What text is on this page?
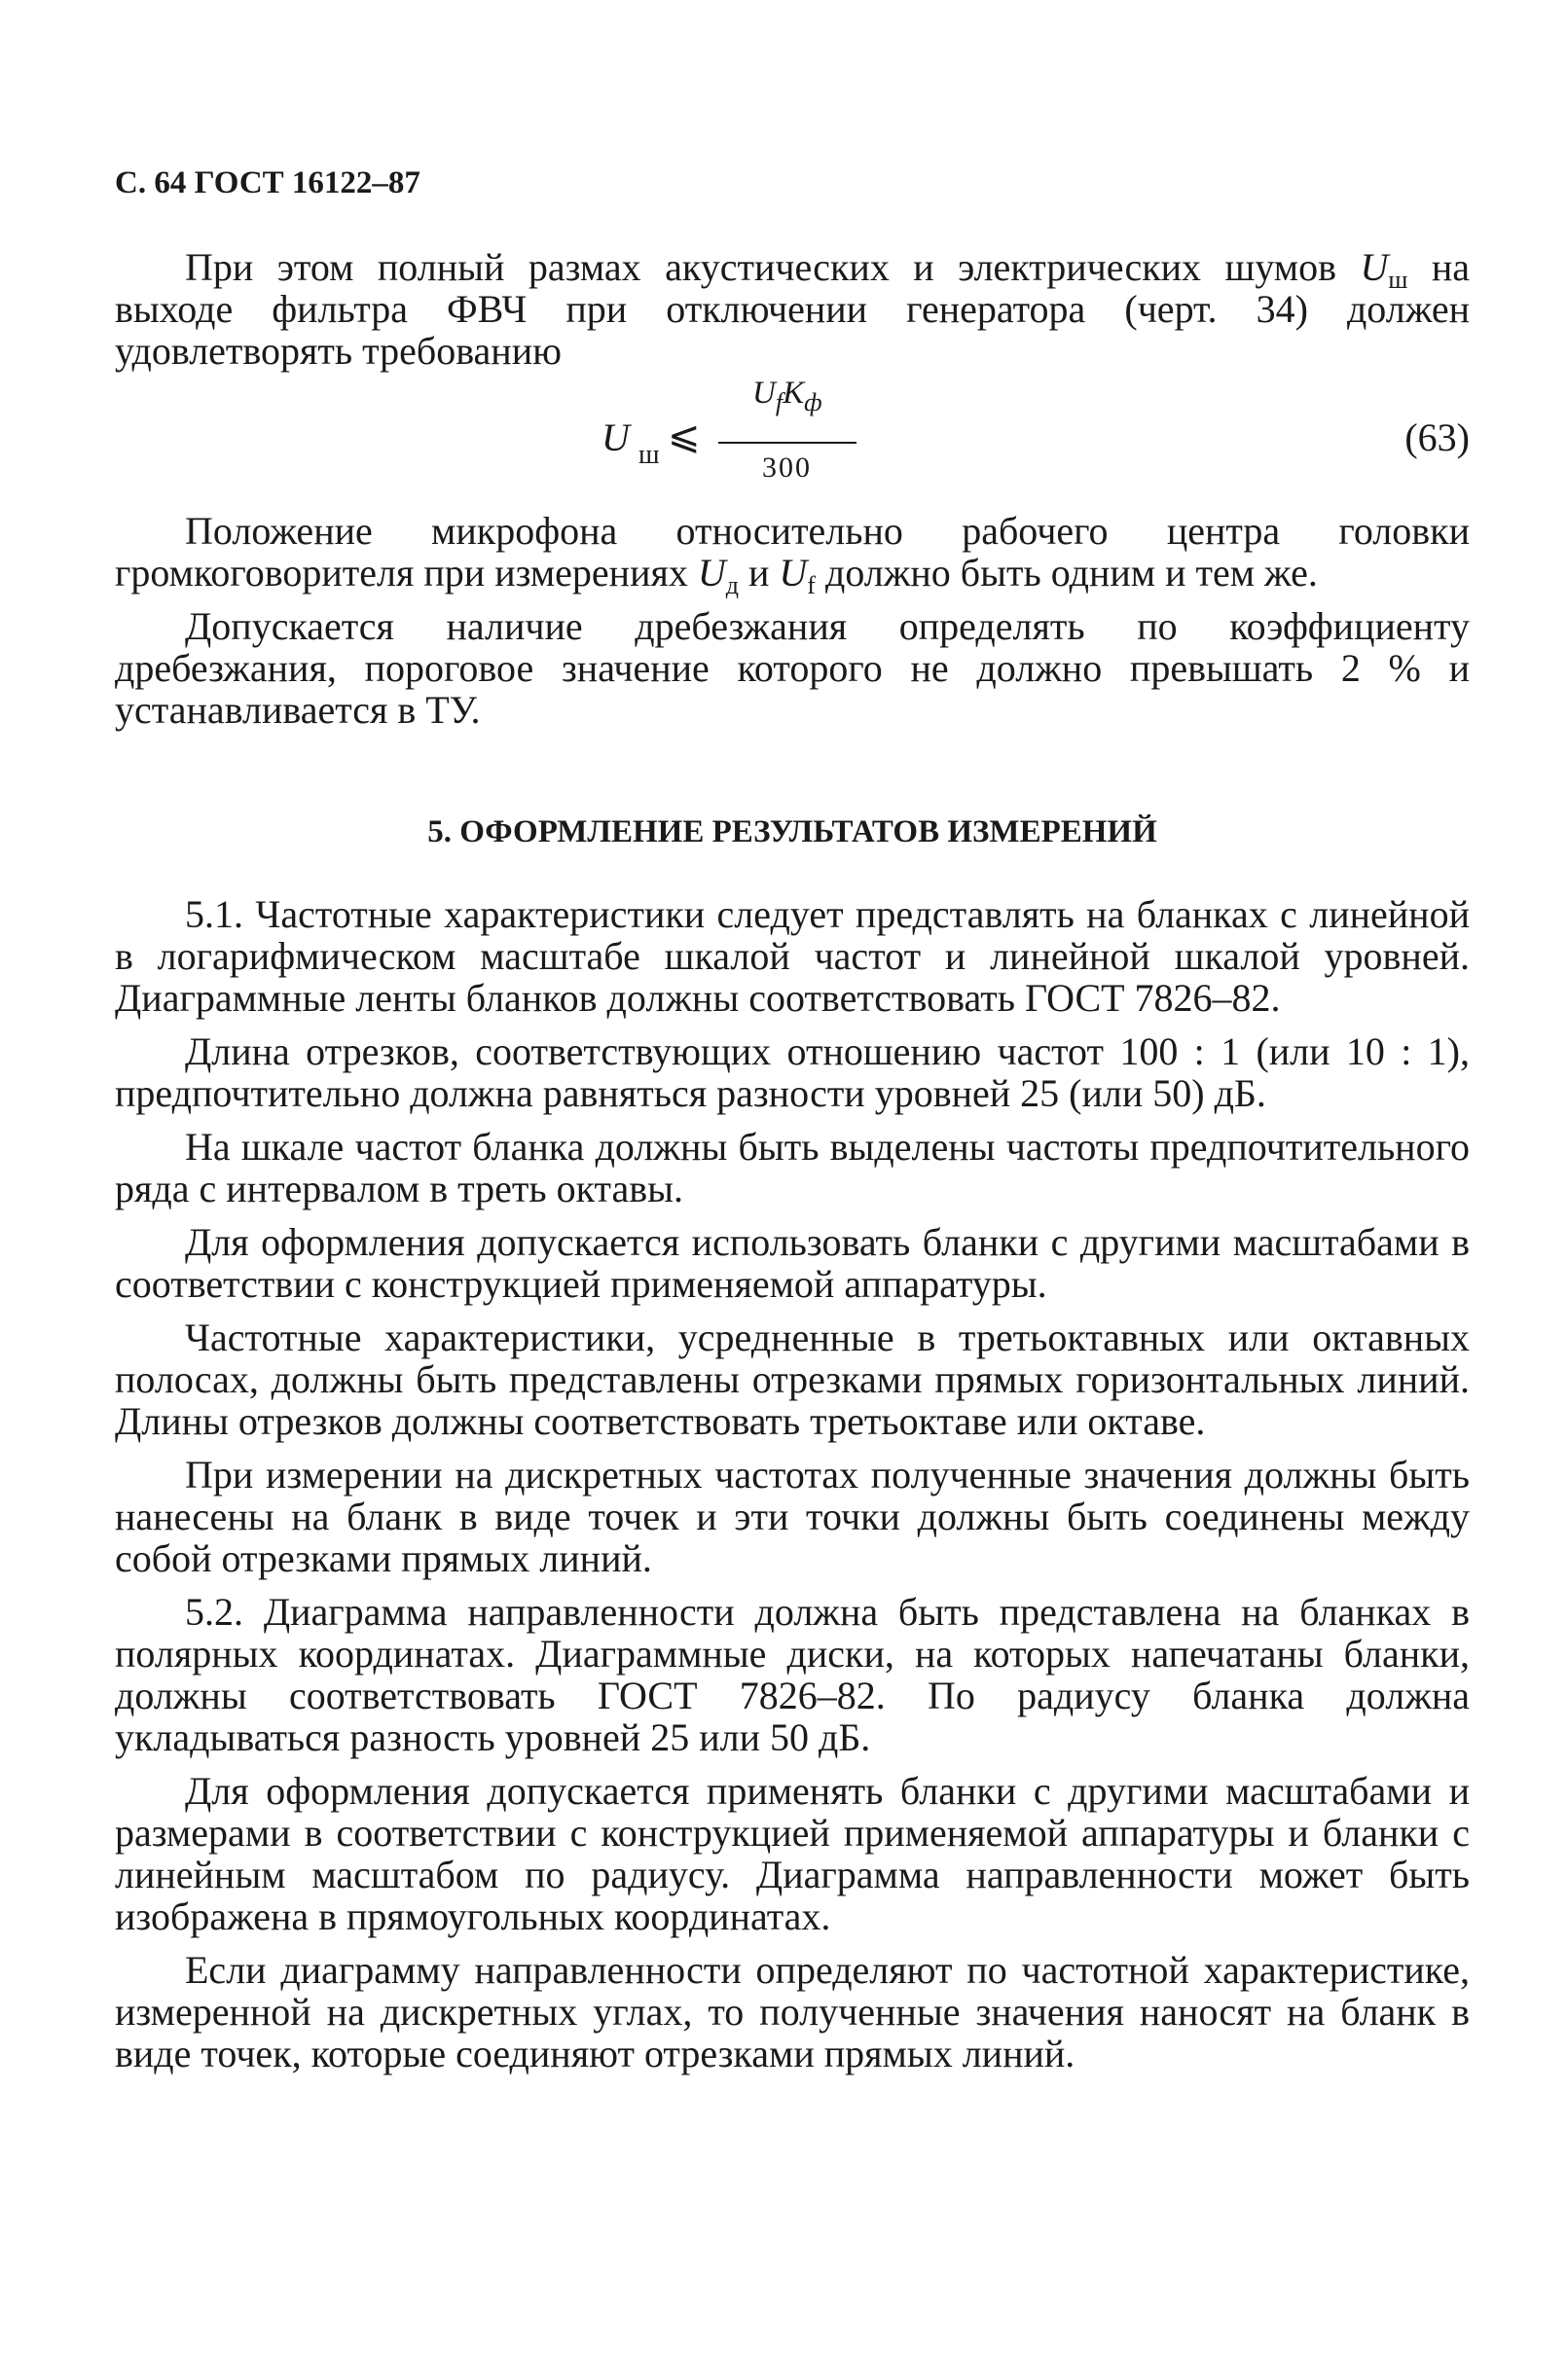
С. 64 ГОСТ 16122–87

При этом полный размах акустических и электрических шумов $U_ш$ на выходе фильтра ФВЧ при отключении генератора (черт. 34) должен удовлетворять требованию

U ш ⩽
$U_fK_ф$
300
(63)

Положение микрофона относительно рабочего центра головки громкоговорителя при измерениях $U_д$ и $U_f$ должно быть одним и тем же.

Допускается наличие дребезжания определять по коэффициенту дребезжания, пороговое значение которого не должно превышать 2 % и устанавливается в ТУ.

5. ОФОРМЛЕНИЕ РЕЗУЛЬТАТОВ ИЗМЕРЕНИЙ

5.1. Частотные характеристики следует представлять на бланках с линейной в логарифмическом масштабе шкалой частот и линейной шкалой уровней. Диаграммные ленты бланков должны соответствовать ГОСТ 7826–82.

Длина отрезков, соответствующих отношению частот 100 : 1 (или 10 : 1), предпочтительно должна равняться разности уровней 25 (или 50) дБ.

На шкале частот бланка должны быть выделены частоты предпочтительного ряда с интервалом в треть октавы.

Для оформления допускается использовать бланки с другими масштабами в соответствии с конструкцией применяемой аппаратуры.

Частотные характеристики, усредненные в третьоктавных или октавных полосах, должны быть представлены отрезками прямых горизонтальных линий. Длины отрезков должны соответствовать третьоктаве или октаве.

При измерении на дискретных частотах полученные значения должны быть нанесены на бланк в виде точек и эти точки должны быть соединены между собой отрезками прямых линий.

5.2. Диаграмма направленности должна быть представлена на бланках в полярных координатах. Диаграммные диски, на которых напечатаны бланки, должны соответствовать ГОСТ 7826–82. По радиусу бланка должна укладываться разность уровней 25 или 50 дБ.

Для оформления допускается применять бланки с другими масштабами и размерами в соответствии с конструкцией применяемой аппаратуры и бланки с линейным масштабом по радиусу. Диаграмма направленности может быть изображена в прямоугольных координатах.

Если диаграмму направленности определяют по частотной характеристике, измеренной на дискретных углах, то полученные значения наносят на бланк в виде точек, которые соединяют отрезками прямых линий.
